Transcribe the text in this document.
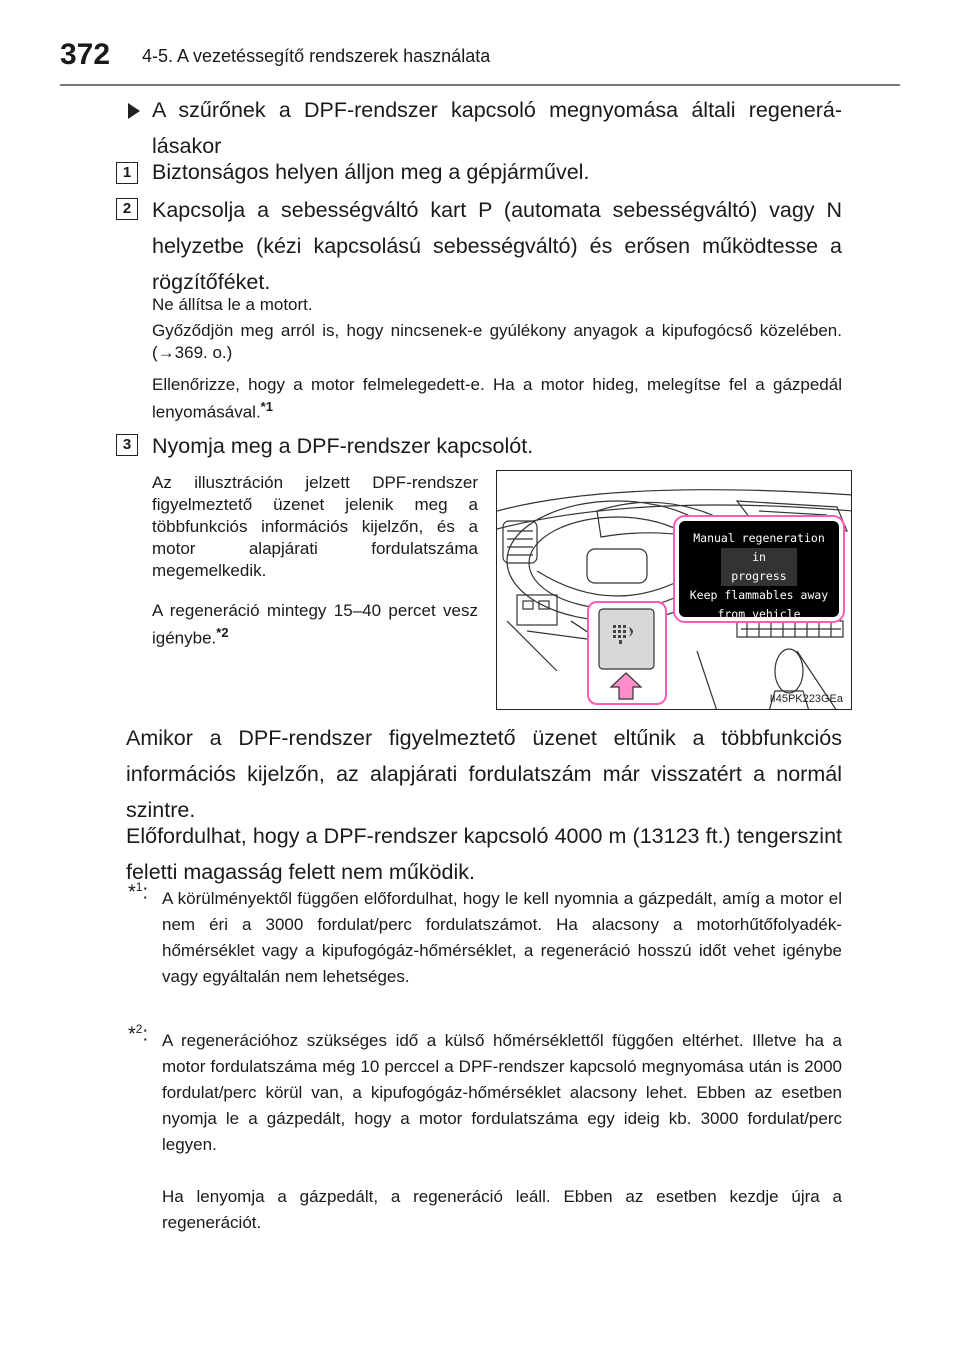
372 4-5. A vezetéssegítő rendszerek használata

A szűrőnek a DPF-rendszer kapcsoló megnyomása általi regenerálásakor

1 Biztonságos helyen álljon meg a gépjárművel.

2 Kapcsolja a sebességváltó kart P (automata sebességváltó) vagy N helyzetbe (kézi kapcsolású sebességváltó) és erősen működtesse a rögzítőféket.

Ne állítsa le a motort.

Győződjön meg arról is, hogy nincsenek-e gyúlékony anyagok a kipufogócső közelében. (→369. o.)

Ellenőrizze, hogy a motor felmelegedett-e. Ha a motor hideg, melegítse fel a gázpedál lenyomásával.$^{*1}$

3 Nyomja meg a DPF-rendszer kapcsolót.

Az illusztráción jelzett DPF-rendszer figyelmeztető üzenet jelenik meg a többfunkciós információs kijelzőn, és a motor alapjárati fordulatszáma megemelkedik.

A regeneráció mintegy 15–40 percet vesz igénybe.$^{*2}$

Manual regeneration
in progress
Keep flammables away
from vehicle
II45PK223GEa

Amikor a DPF-rendszer figyelmeztető üzenet eltűnik a többfunkciós információs kijelzőn, az alapjárati fordulatszám már visszatért a normál szintre.

Előfordulhat, hogy a DPF-rendszer kapcsoló 4000 m (13123 ft.) tengerszint feletti magasság felett nem működik.

*$^1$: A körülményektől függően előfordulhat, hogy le kell nyomnia a gázpedált, amíg a motor el nem éri a 3000 fordulat/perc fordulatszámot. Ha alacsony a motorhűtőfolyadék-hőmérséklet vagy a kipufogógáz-hőmérséklet, a regeneráció hosszú időt vehet igénybe vagy egyáltalán nem lehetséges.

*$^2$: A regenerációhoz szükséges idő a külső hőmérséklettől függően eltérhet. Illetve ha a motor fordulatszáma még 10 perccel a DPF-rendszer kapcsoló megnyomása után is 2000 fordulat/perc körül van, a kipufogógáz-hőmérséklet alacsony lehet. Ebben az esetben nyomja le a gázpedált, hogy a motor fordulatszáma egy ideig kb. 3000 fordulat/perc legyen.

Ha lenyomja a gázpedált, a regeneráció leáll. Ebben az esetben kezdje újra a regenerációt.
